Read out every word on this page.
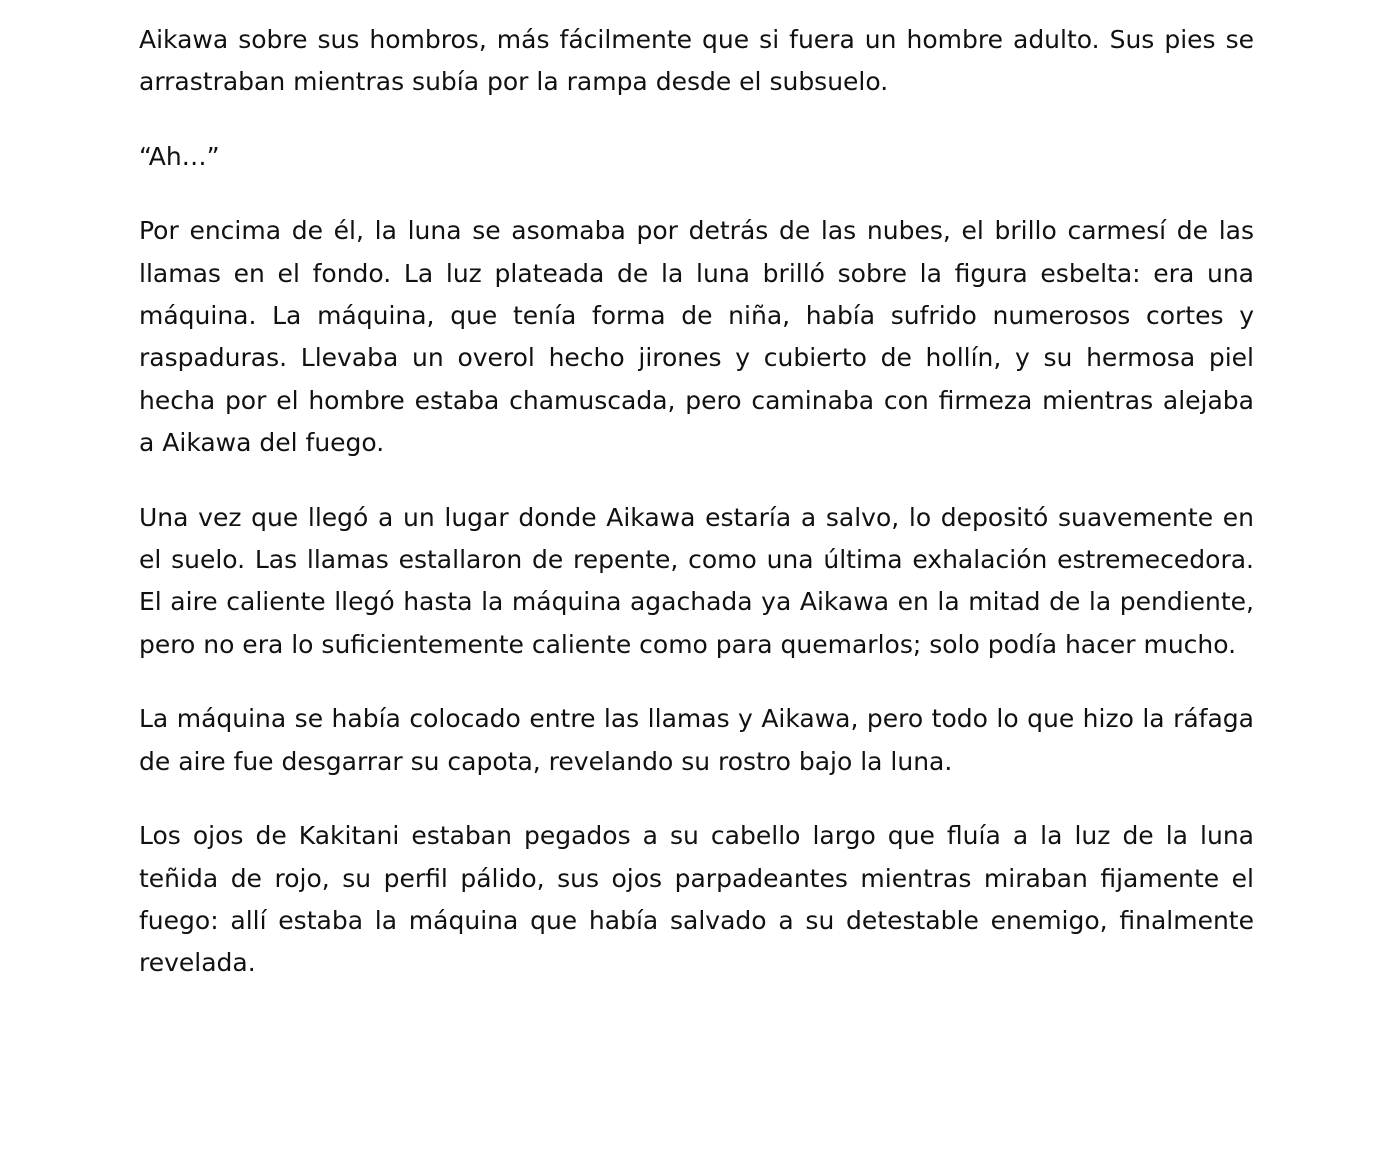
Aikawa sobre sus hombros, más fácilmente que si fuera un hombre adulto. Sus pies se arrastraban mientras subía por la rampa desde el subsuelo.

“Ah…”

Por encima de él, la luna se asomaba por detrás de las nubes, el brillo carmesí de las llamas en el fondo. La luz plateada de la luna brilló sobre la figura esbelta: era una máquina. La máquina, que tenía forma de niña, había sufrido numerosos cortes y raspaduras. Llevaba un overol hecho jirones y cubierto de hollín, y su hermosa piel hecha por el hombre estaba chamuscada, pero caminaba con firmeza mientras alejaba a Aikawa del fuego.

Una vez que llegó a un lugar donde Aikawa estaría a salvo, lo depositó suavemente en el suelo. Las llamas estallaron de repente, como una última exhalación estremecedora. El aire caliente llegó hasta la máquina agachada ya Aikawa en la mitad de la pendiente, pero no era lo suficientemente caliente como para quemarlos; solo podía hacer mucho.

La máquina se había colocado entre las llamas y Aikawa, pero todo lo que hizo la ráfaga de aire fue desgarrar su capota, revelando su rostro bajo la luna.

Los ojos de Kakitani estaban pegados a su cabello largo que fluía a la luz de la luna teñida de rojo, su perfil pálido, sus ojos parpadeantes mientras miraban fijamente el fuego: allí estaba la máquina que había salvado a su detestable enemigo, finalmente revelada.
